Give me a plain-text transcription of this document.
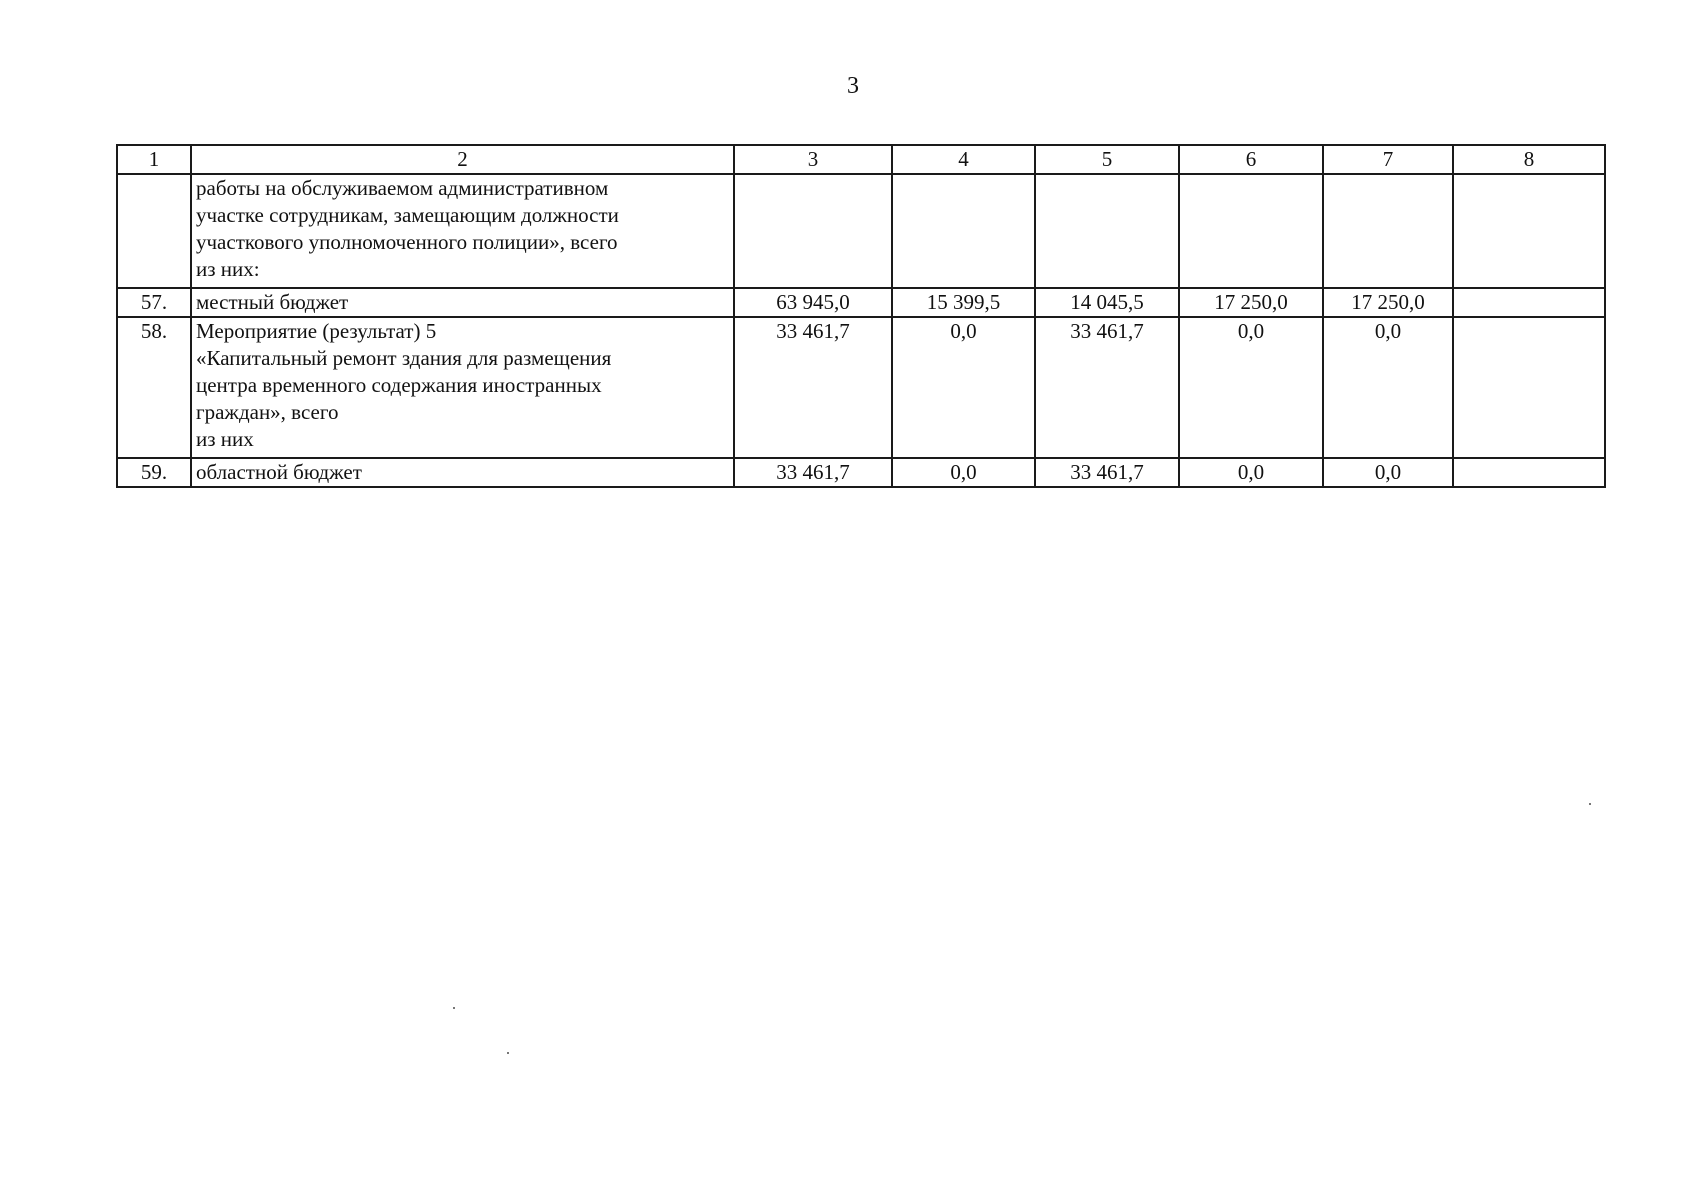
3
1	2	3	4	5	6	7	8
	работы на обслуживаемом административном
участке сотрудникам, замещающим должности
участкового уполномоченного полиции», всего
из них:						
57.	местный бюджет	63 945,0	15 399,5	14 045,5	17 250,0	17 250,0	
58.	Мероприятие (результат) 5
«Капитальный ремонт здания для размещения
центра временного содержания иностранных
граждан», всего
из них	33 461,7	0,0	33 461,7	0,0	0,0	
59.	областной бюджет	33 461,7	0,0	33 461,7	0,0	0,0	
